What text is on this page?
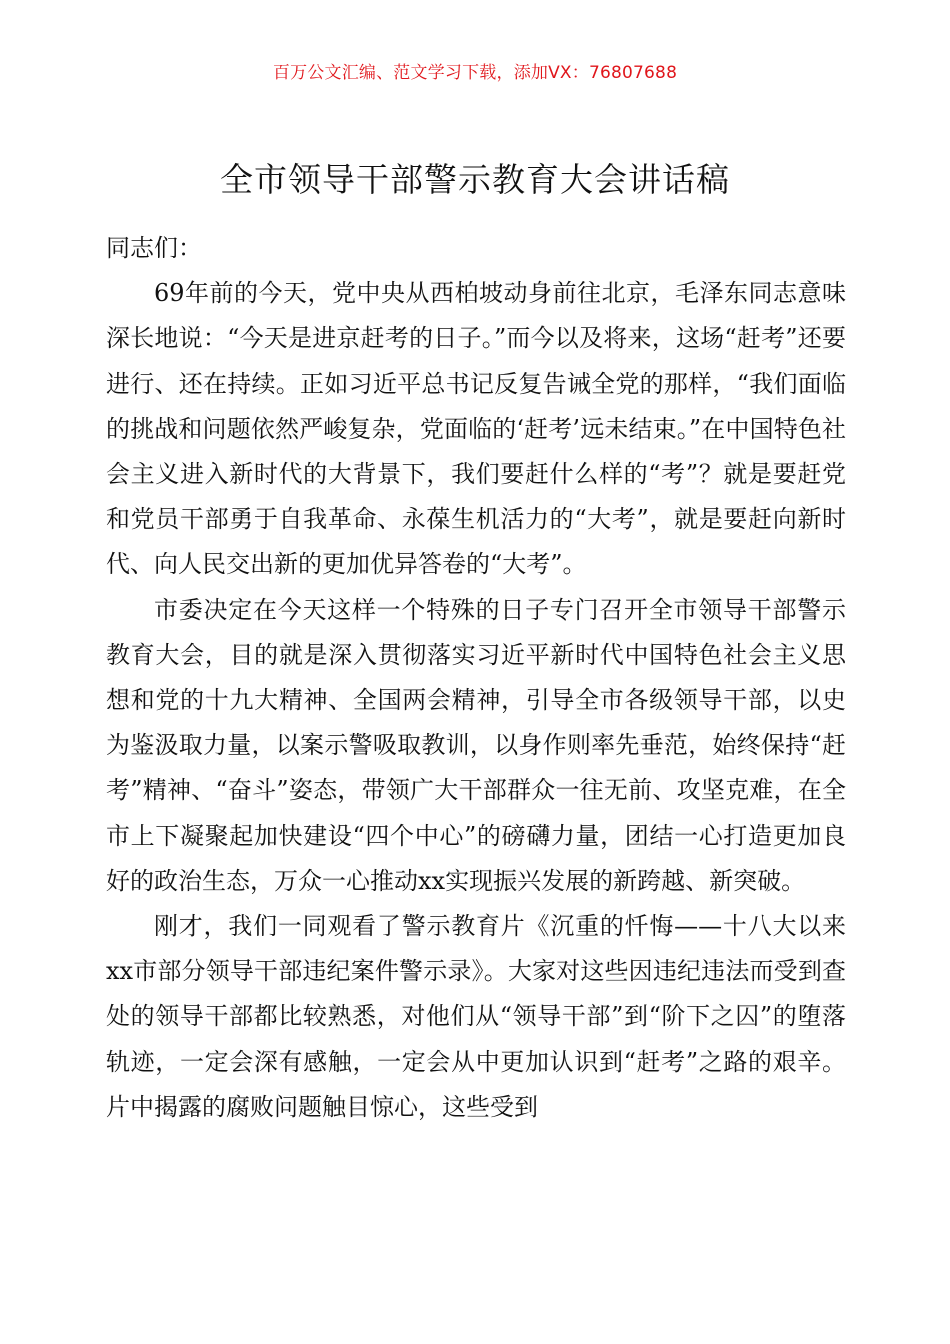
百万公文汇编、范文学习下载，添加VX：76807688
全市领导干部警示教育大会讲话稿

同志们：

69年前的今天，党中央从西柏坡动身前往北京，毛泽东同志意味深长地说：“今天是进京赶考的日子。”而今以及将来，这场“赶考”还要进行、还在持续。正如习近平总书记反复告诫全党的那样，“我们面临的挑战和问题依然严峻复杂，党面临的‘赶考’远未结束。”在中国特色社会主义进入新时代的大背景下，我们要赶什么样的“考”？就是要赶党和党员干部勇于自我革命、永葆生机活力的“大考”，就是要赶向新时代、向人民交出新的更加优异答卷的“大考”。

市委决定在今天这样一个特殊的日子专门召开全市领导干部警示教育大会，目的就是深入贯彻落实习近平新时代中国特色社会主义思想和党的十九大精神、全国两会精神，引导全市各级领导干部，以史为鉴汲取力量，以案示警吸取教训，以身作则率先垂范，始终保持“赶考”精神、“奋斗”姿态，带领广大干部群众一往无前、攻坚克难，在全市上下凝聚起加快建设“四个中心”的磅礴力量，团结一心打造更加良好的政治生态，万众一心推动xx实现振兴发展的新跨越、新突破。

刚才，我们一同观看了警示教育片《沉重的忏悔——十八大以来xx市部分领导干部违纪案件警示录》。大家对这些因违纪违法而受到查处的领导干部都比较熟悉，对他们从“领导干部”到“阶下之囚”的堕落轨迹，一定会深有感触，一定会从中更加认识到“赶考”之路的艰辛。片中揭露的腐败问题触目惊心，这些受到
